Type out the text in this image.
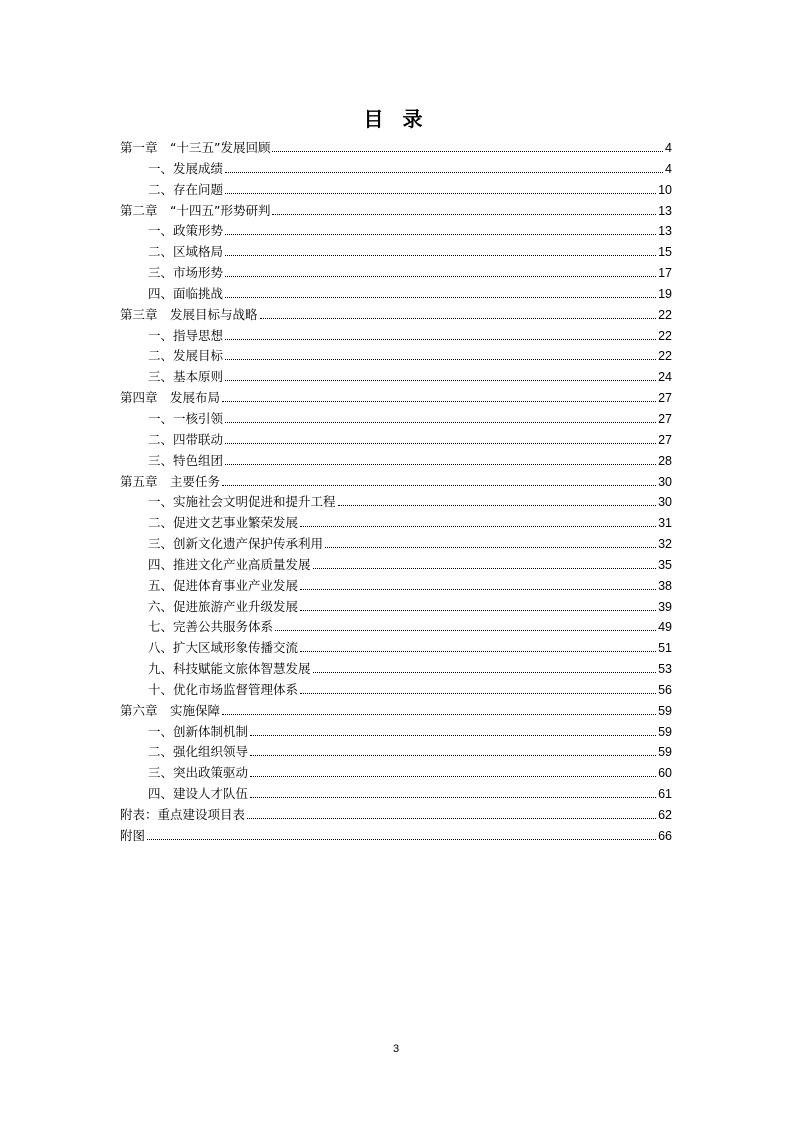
目 录
第一章　“十三五”发展回顾	4
一、发展成绩	4
二、存在问题	10
第二章　“十四五”形势研判	13
一、政策形势	13
二、区域格局	15
三、市场形势	17
四、面临挑战	19
第三章　发展目标与战略	22
一、指导思想	22
二、发展目标	22
三、基本原则	24
第四章　发展布局	27
一、一核引领	27
二、四带联动	27
三、特色组团	28
第五章　主要任务	30
一、实施社会文明促进和提升工程	30
二、促进文艺事业繁荣发展	31
三、创新文化遗产保护传承利用	32
四、推进文化产业高质量发展	35
五、促进体育事业产业发展	38
六、促进旅游产业升级发展	39
七、完善公共服务体系	49
八、扩大区域形象传播交流	51
九、科技赋能文旅体智慧发展	53
十、优化市场监督管理体系	56
第六章　实施保障	59
一、创新体制机制	59
二、强化组织领导	59
三、突出政策驱动	60
四、建设人才队伍	61
附表：重点建设项目表	62
附图	66
3
